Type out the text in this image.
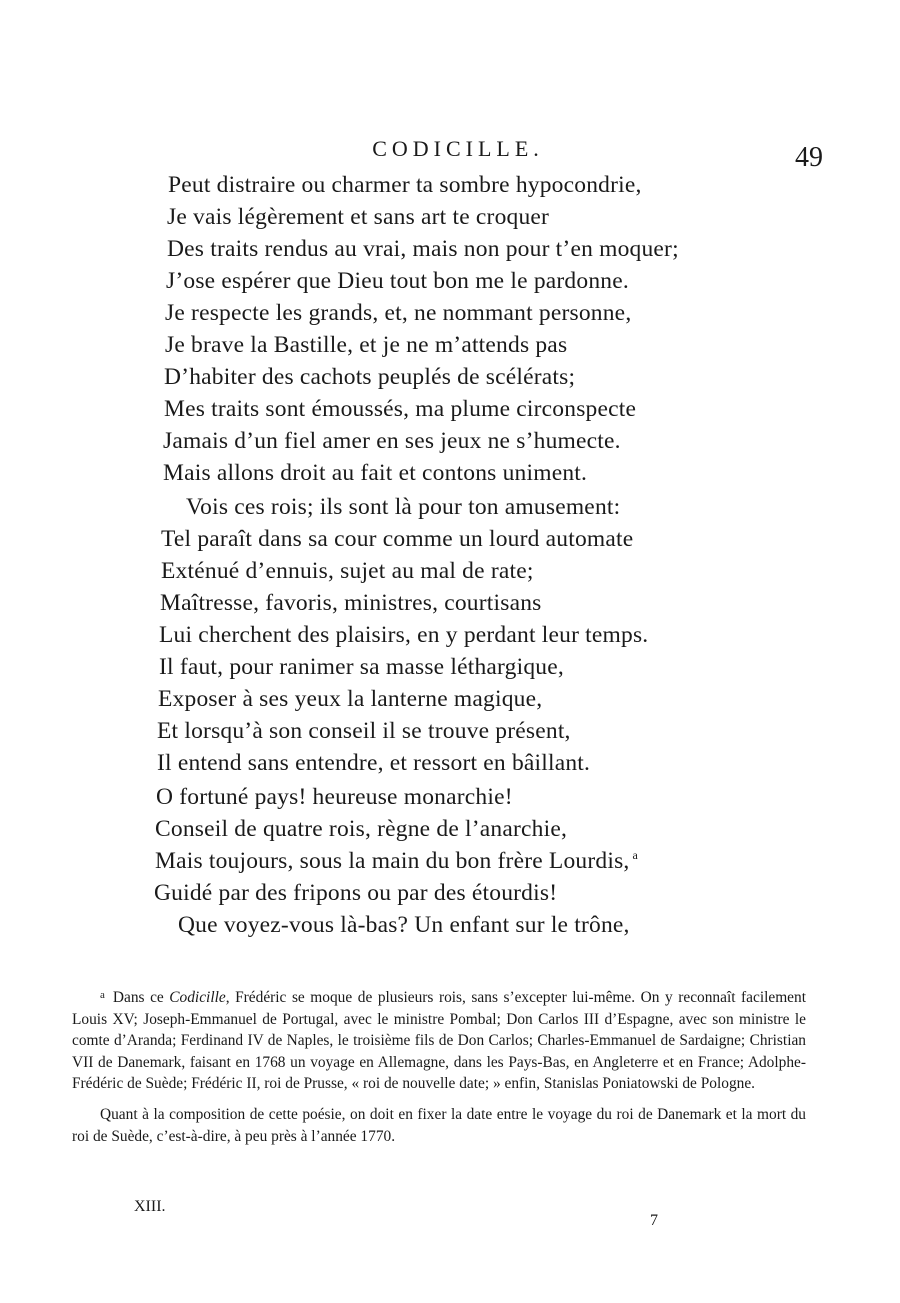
CODICILLE.	49
Peut distraire ou charmer ta sombre hypocondrie,
Je vais légèrement et sans art te croquer
Des traits rendus au vrai, mais non pour t’en moquer;
J’ose espérer que Dieu tout bon me le pardonne.
Je respecte les grands, et, ne nommant personne,
Je brave la Bastille, et je ne m’attends pas
D’habiter des cachots peuplés de scélérats;
Mes traits sont émoussés, ma plume circonspecte
Jamais d’un fiel amer en ses jeux ne s’humecte.
Mais allons droit au fait et contons uniment.
Vois ces rois; ils sont là pour ton amusement:
Tel paraît dans sa cour comme un lourd automate
Exténué d’ennuis, sujet au mal de rate;
Maîtresse, favoris, ministres, courtisans
Lui cherchent des plaisirs, en y perdant leur temps.
Il faut, pour ranimer sa masse léthargique,
Exposer à ses yeux la lanterne magique,
Et lorsqu’à son conseil il se trouve présent,
Il entend sans entendre, et ressort en bâillant.
O fortuné pays! heureuse monarchie!
Conseil de quatre rois, règne de l’anarchie,
Mais toujours, sous la main du bon frère Lourdis, $^a$
Guidé par des fripons ou par des étourdis!
Que voyez-vous là-bas? Un enfant sur le trône,

$^a$ Dans ce Codicille, Frédéric se moque de plusieurs rois, sans s’excepter lui-même. On y reconnaît facilement Louis XV; Joseph-Emmanuel de Portugal, avec le ministre Pombal; Don Carlos III d’Espagne, avec son ministre le comte d’Aranda; Ferdinand IV de Naples, le troisième fils de Don Carlos; Charles-Emmanuel de Sardaigne; Christian VII de Danemark, faisant en 1768 un voyage en Allemagne, dans les Pays-Bas, en Angleterre et en France; Adolphe-Frédéric de Suède; Frédéric II, roi de Prusse, « roi de nouvelle date; » enfin, Stanislas Poniatowski de Pologne.

Quant à la composition de cette poésie, on doit en fixer la date entre le voyage du roi de Danemark et la mort du roi de Suède, c’est-à-dire, à peu près à l’année 1770.

XIII.
7
